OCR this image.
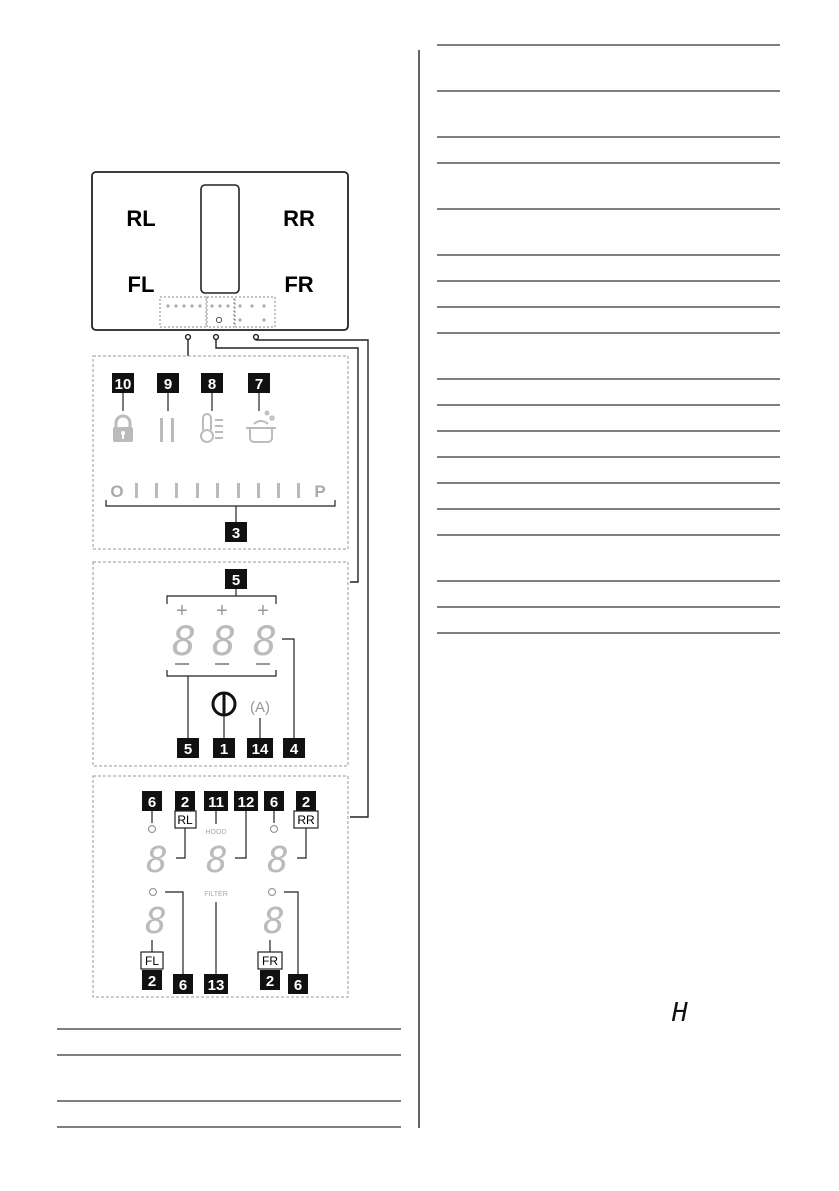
H
RL	RR
FL	FR
10 9 8	7
O	P
3
5
+ + +
8 8 8
5	4
1
(A)
14
6 2
RL
11
HOOD
12 6 2
RR
8 8 8
FILTER
8	8
FL
2 6 13
FR
2 6
